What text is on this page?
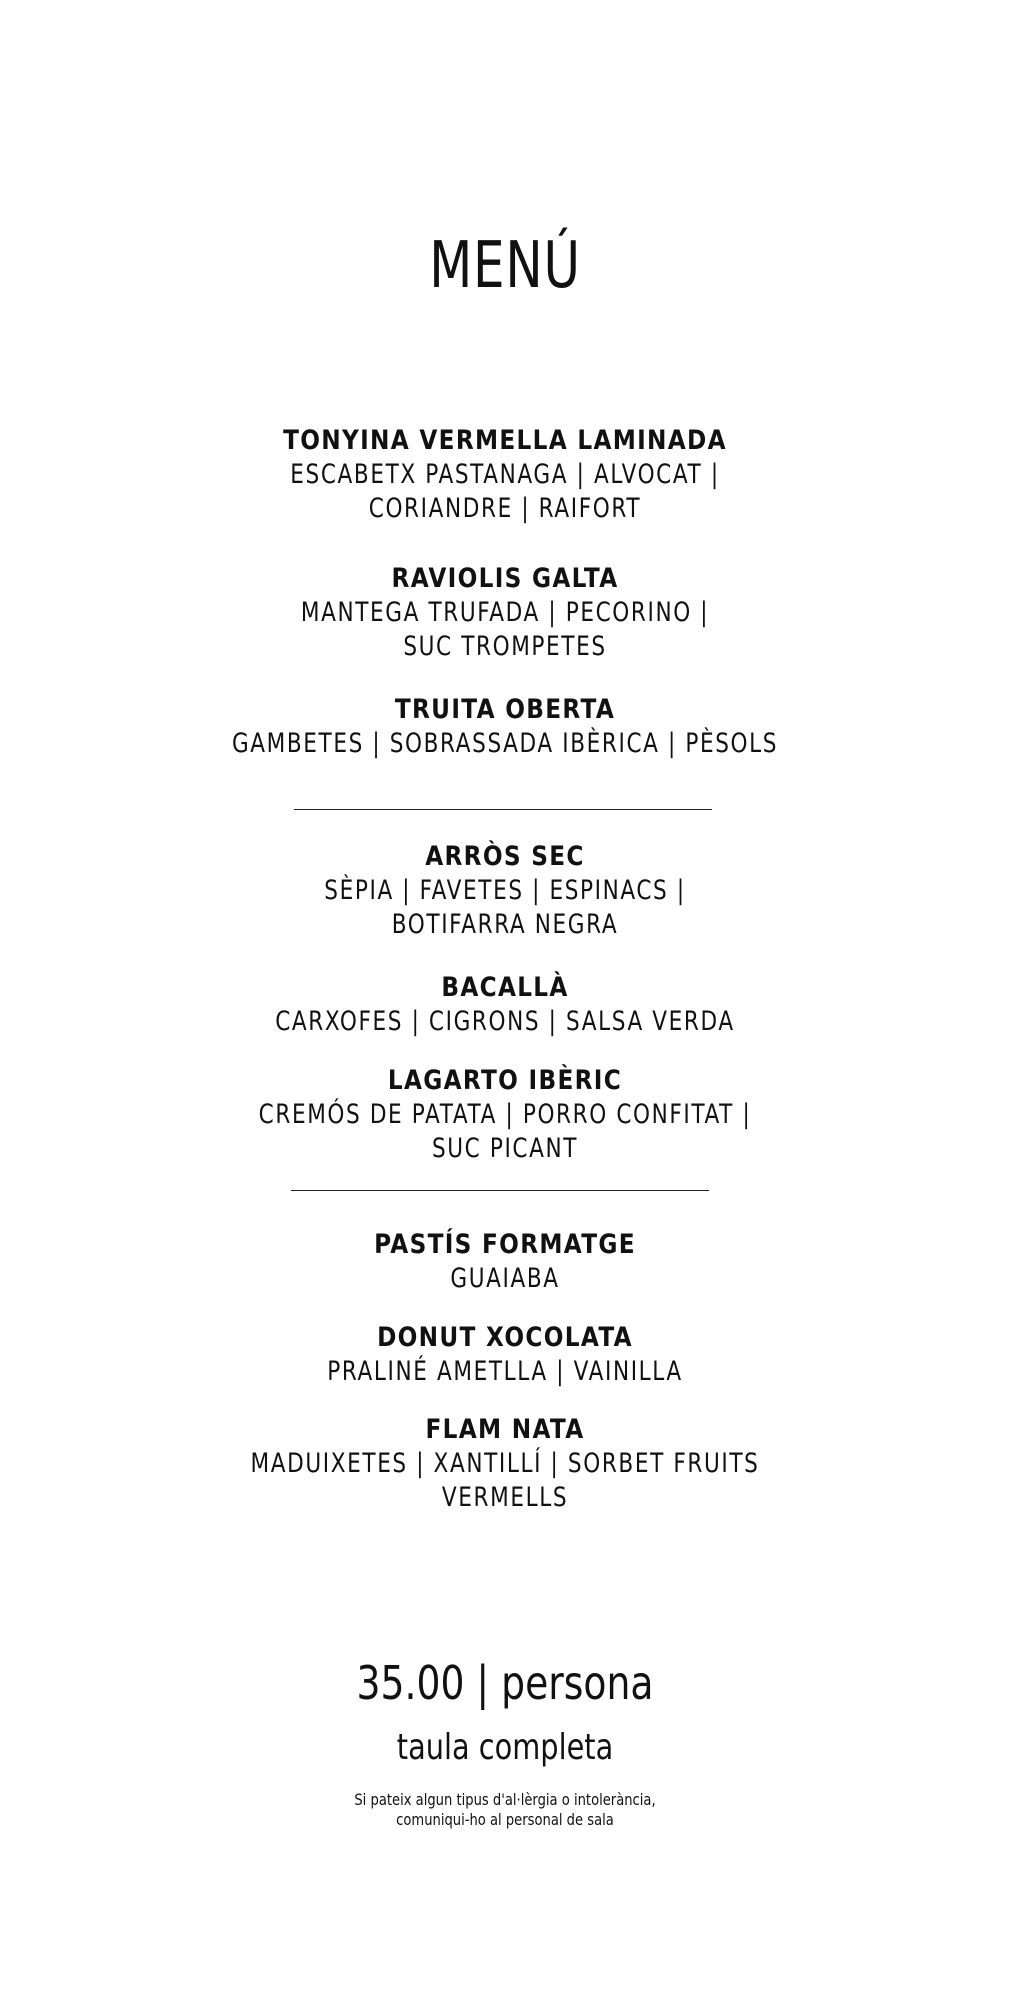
MENÚ
TONYINA VERMELLA LAMINADA
ESCABETX PASTANAGA | ALVOCAT |
CORIANDRE | RAIFORT
RAVIOLIS GALTA
MANTEGA TRUFADA | PECORINO |
SUC TROMPETES
TRUITA OBERTA
GAMBETES | SOBRASSADA IBÈRICA | PÈSOLS
ARRÒS SEC
SÈPIA | FAVETES | ESPINACS |
BOTIFARRA NEGRA
BACALLÀ
CARXOFES | CIGRONS | SALSA VERDA
LAGARTO IBÈRIC
CREMÓS DE PATATA | PORRO CONFITAT |
SUC PICANT
PASTÍS FORMATGE
GUAIABA
DONUT XOCOLATA
PRALINÉ AMETLLA | VAINILLA
FLAM NATA
MADUIXETES | XANTILLÍ | SORBET FRUITS
VERMELLS
35.00 | persona
taula completa
Si pateix algun tipus d'al·lèrgia o intolerància,
comuniqui-ho al personal de sala
